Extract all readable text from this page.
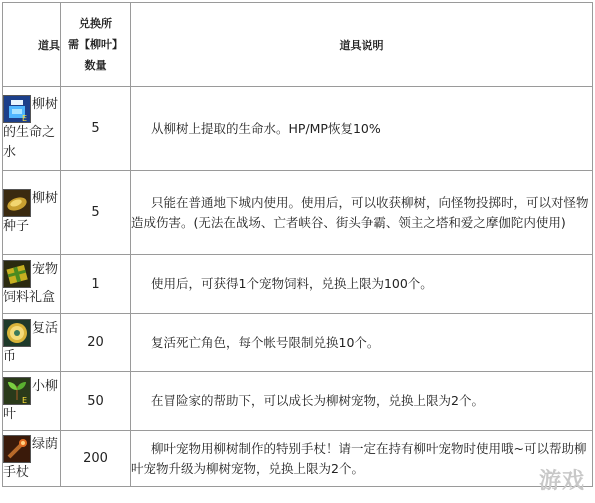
道具	兑换所
需【柳叶】
数量	道具说明

E
柳树的生命之水	5	从柳树上提取的生命水。HP/MP恢复10%

柳树种子	5	只能在普通地下城内使用。使用后，可以收获柳树，向怪物投掷时，可以对怪物造成伤害。(无法在战场、亡者峡谷、街头争霸、领主之塔和爱之摩伽陀内使用)

宠物饲料礼盒	1	使用后，可获得1个宠物饲料，兑换上限为100个。

复活币	20	复活死亡角色，每个帐号限制兑换10个。

E
小柳叶	50	在冒险家的帮助下，可以成长为柳树宠物，兑换上限为2个。

绿荫手杖	200	柳叶宠物用柳树制作的特别手杖！请一定在持有柳叶宠物时使用哦~可以帮助柳叶宠物升级为柳树宠物，兑换上限为2个。
游戏
